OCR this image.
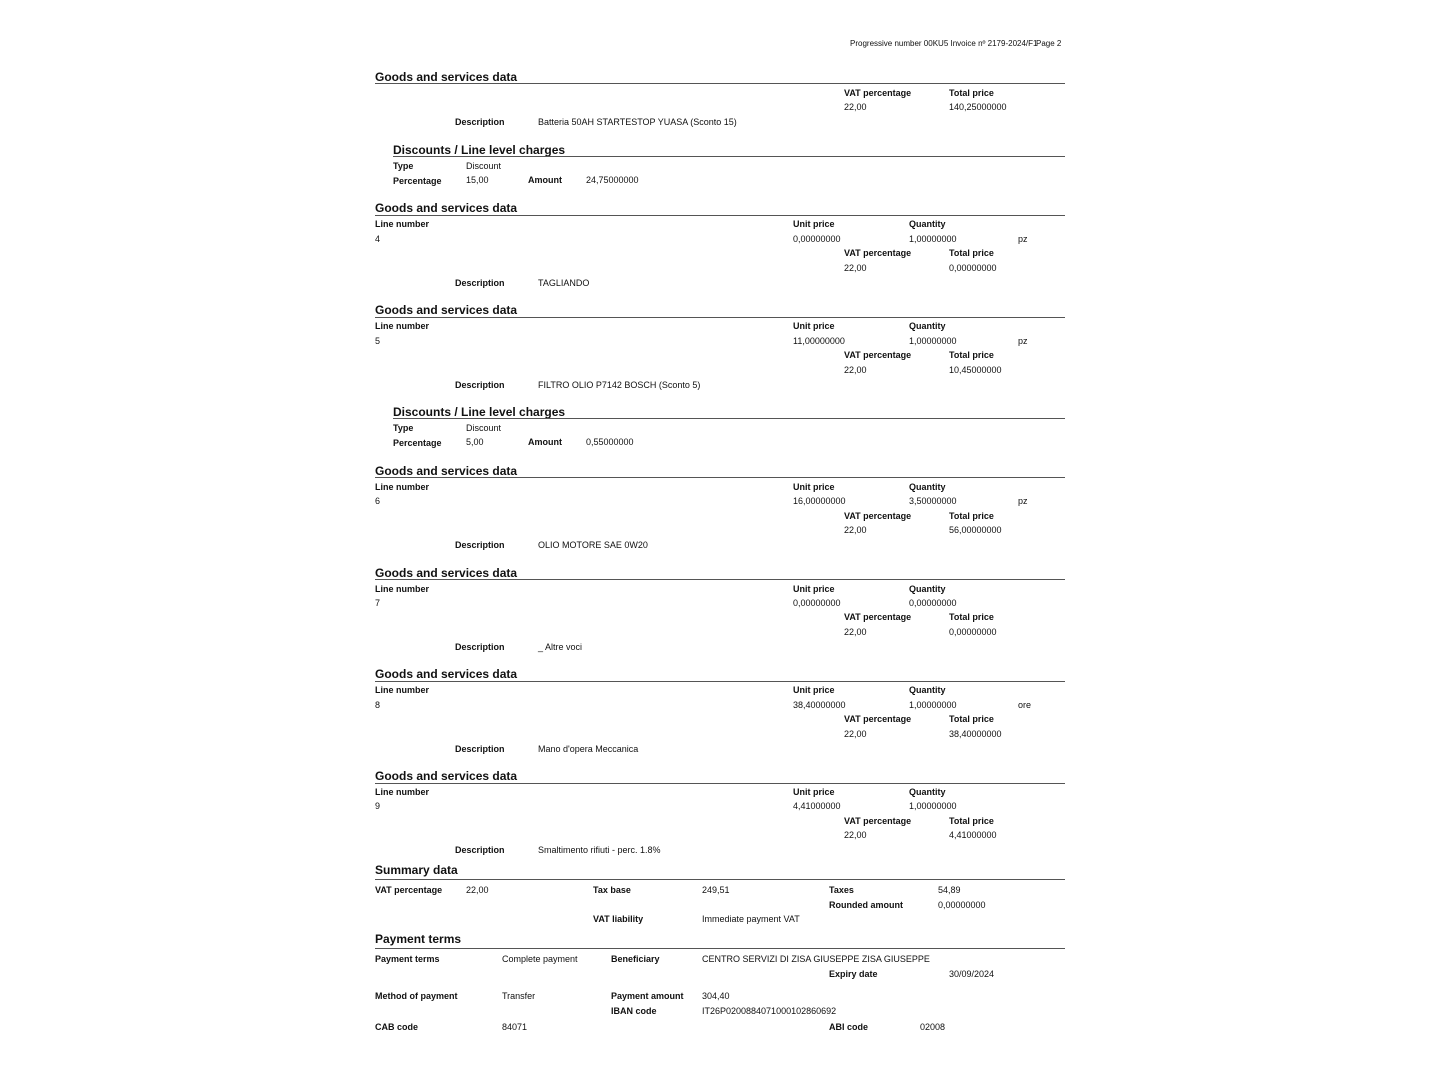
Progressive number 00KU5 Invoice nº 2179-2024/F1
Page 2
Goods and services data
VAT percentage	Total price
22,00	140,25000000
Description	Batteria 50AH STARTESTOP YUASA (Sconto 15)
Discounts / Line level charges
Type	Discount
Percentage	15,00	Amount	24,75000000
Goods and services data
Line number	Unit price	Quantity
4	0,00000000	1,00000000	pz
VAT percentage	Total price
22,00	0,00000000
Description	TAGLIANDO
Goods and services data
Line number	Unit price	Quantity
5	11,00000000	1,00000000	pz
VAT percentage	Total price
22,00	10,45000000
Description	FILTRO OLIO P7142 BOSCH (Sconto 5)
Discounts / Line level charges
Type	Discount
Percentage	5,00	Amount	0,55000000
Goods and services data
Line number	Unit price	Quantity
6	16,00000000	3,50000000	pz
VAT percentage	Total price
22,00	56,00000000
Description	OLIO MOTORE SAE 0W20
Goods and services data
Line number	Unit price	Quantity
7	0,00000000	0,00000000
VAT percentage	Total price
22,00	0,00000000
Description	_ Altre voci
Goods and services data
Line number	Unit price	Quantity
8	38,40000000	1,00000000	ore
VAT percentage	Total price
22,00	38,40000000
Description	Mano d'opera Meccanica
Goods and services data
Line number	Unit price	Quantity
9	4,41000000	1,00000000
VAT percentage	Total price
22,00	4,41000000
Description	Smaltimento rifiuti - perc. 1.8%
Summary data
VAT percentage	22,00	Tax base	249,51	Taxes	54,89
Rounded amount	0,00000000
VAT liability	Immediate payment VAT
Payment terms
Payment terms	Complete payment	Beneficiary	CENTRO SERVIZI DI ZISA GIUSEPPE ZISA GIUSEPPE
Expiry date	30/09/2024
Method of payment	Transfer	Payment amount 304,40
IBAN code	IT26P0200884071000102860692
CAB code	84071	ABI code	02008
